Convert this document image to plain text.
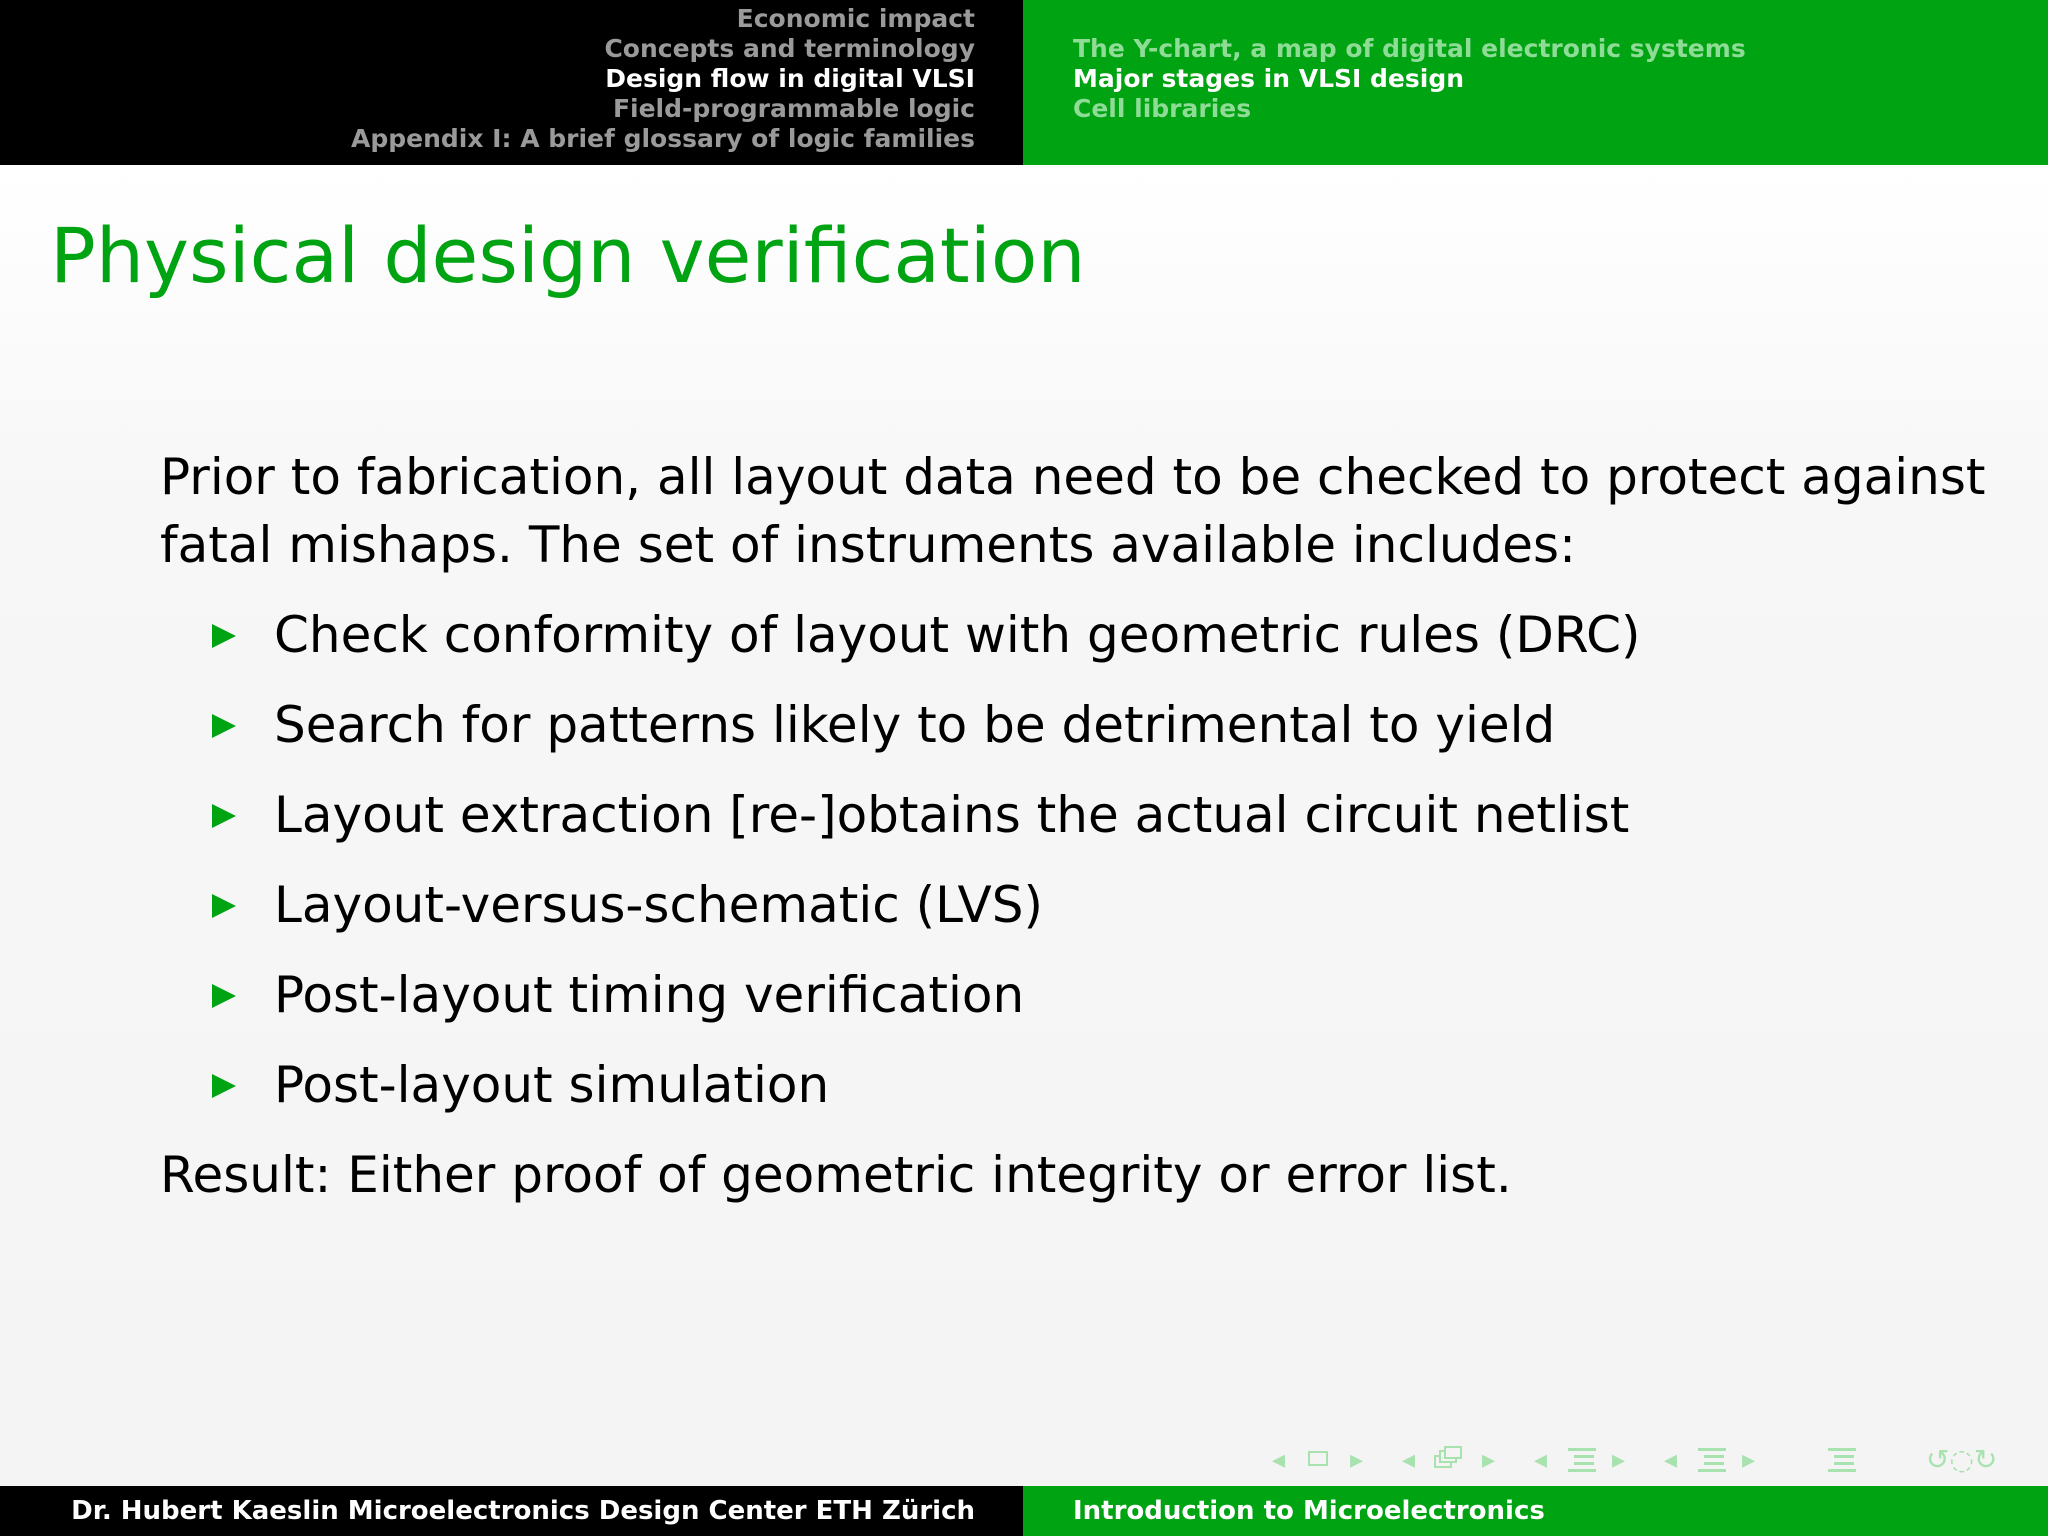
Economic impact
Concepts and terminology
Design flow in digital VLSI
Field-programmable logic
Appendix I: A brief glossary of logic families
The Y-chart, a map of digital electronic systems
Major stages in VLSI design
Cell libraries
Physical design verification

Prior to fabrication, all layout data need to be checked to protect against fatal mishaps. The set of instruments available includes:

Check conformity of layout with geometric rules (DRC)
Search for patterns likely to be detrimental to yield
Layout extraction [re-]obtains the actual circuit netlist
Layout-versus-schematic (LVS)
Post-layout timing verification
Post-layout simulation

Result: Either proof of geometric integrity or error list.

◂ ▸ ◂	▸ ◂ ▸ ◂ ▸	↺◌↻
Dr. Hubert Kaeslin Microelectronics Design Center ETH Zürich	Introduction to Microelectronics
